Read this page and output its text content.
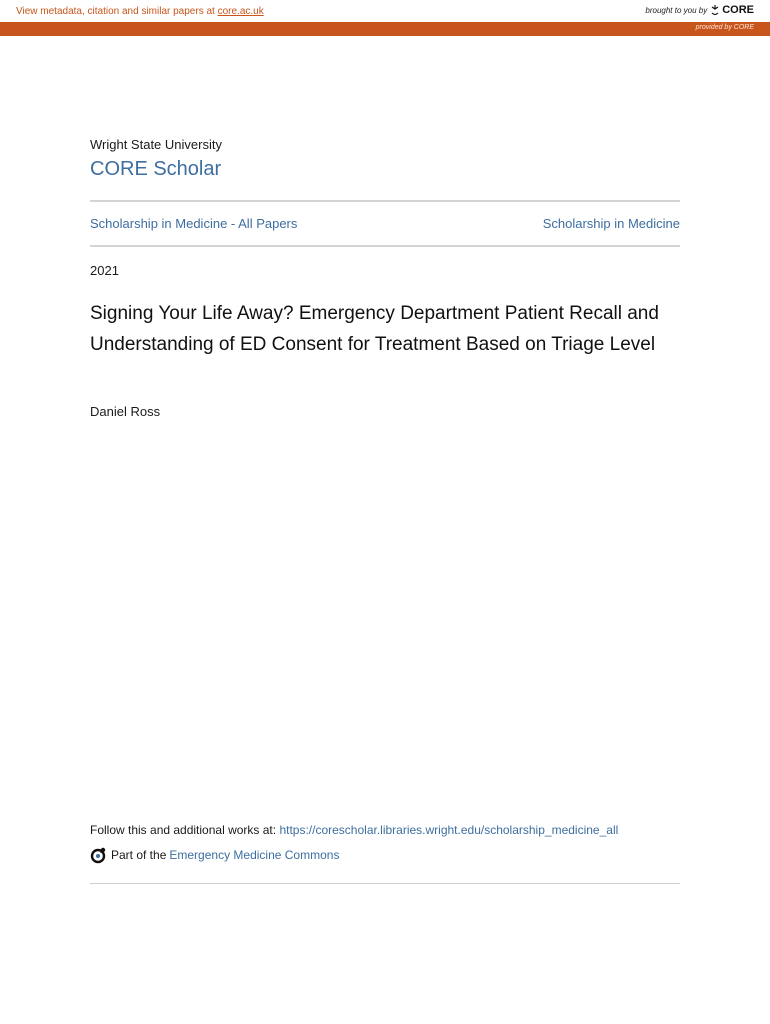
View metadata, citation and similar papers at core.ac.uk	brought to you by CORE
provided by CORE
Wright State University
CORE Scholar
Scholarship in Medicine - All Papers	Scholarship in Medicine
2021
Signing Your Life Away? Emergency Department Patient Recall and Understanding of ED Consent for Treatment Based on Triage Level
Daniel Ross
Follow this and additional works at: https://corescholar.libraries.wright.edu/scholarship_medicine_all
Part of the Emergency Medicine Commons
